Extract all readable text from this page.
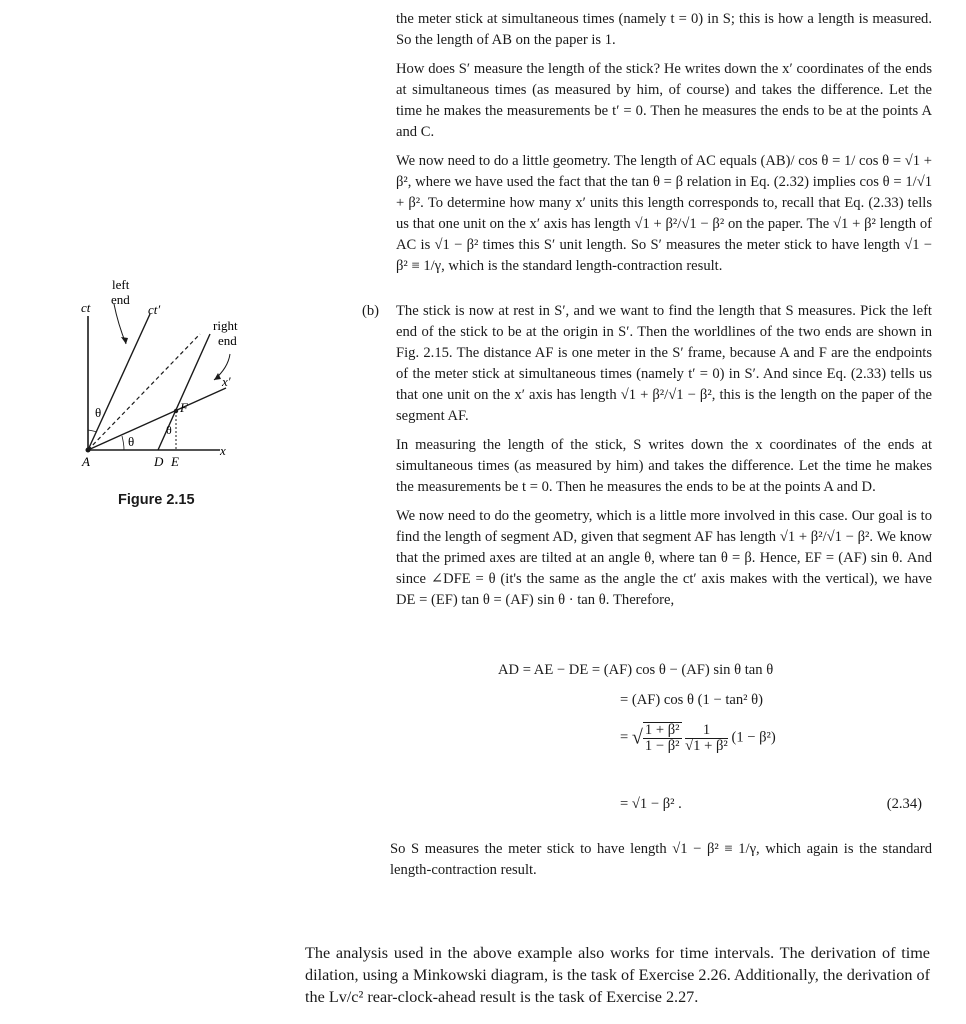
the meter stick at simultaneous times (namely t = 0) in S; this is how a length is measured. So the length of AB on the paper is 1.

How does S′ measure the length of the stick? He writes down the x′ coordinates of the ends at simultaneous times (as measured by him, of course) and takes the difference. Let the time he makes the measurements be t′ = 0. Then he measures the ends to be at the points A and C.

We now need to do a little geometry. The length of AC equals (AB)/ cos θ = 1/ cos θ = √1 + β², where we have used the fact that the tan θ = β relation in Eq. (2.32) implies cos θ = 1/√1 + β². To determine how many x′ units this length corresponds to, recall that Eq. (2.33) tells us that one unit on the x′ axis has length √1 + β²/√1 − β² on the paper. The √1 + β² length of AC is √1 − β² times this S′ unit length. So S′ measures the meter stick to have length √1 − β² ≡ 1/γ, which is the standard length-contraction result.

(b) The stick is now at rest in S′, and we want to find the length that S measures. Pick the left end of the stick to be at the origin in S′. Then the worldlines of the two ends are shown in Fig. 2.15. The distance AF is one meter in the S′ frame, because A and F are the endpoints of the meter stick at simultaneous times (namely t′ = 0) in S′. And since Eq. (2.33) tells us that one unit on the x′ axis has length √1 + β²/√1 − β², this is the length on the paper of the segment AF.

In measuring the length of the stick, S writes down the x coordinates of the ends at simultaneous times (as measured by him) and takes the difference. Let the time he makes the measurements be t = 0. Then he measures the ends to be at the points A and D.

We now need to do the geometry, which is a little more involved in this case. Our goal is to find the length of segment AD, given that segment AF has length √1 + β²/√1 − β². We know that the primed axes are tilted at an angle θ, where tan θ = β. Hence, EF = (AF) sin θ. And since ∠DFE = θ (it's the same as the angle the ct′ axis makes with the vertical), we have DE = (EF) tan θ = (AF) sin θ · tan θ. Therefore,

AD = AE − DE = (AF) cos θ − (AF) sin θ tan θ
= (AF) cos θ (1 − tan² θ)
= √ $\frac{\text{1 + β²}}{\text{1 − β²}}$
$\frac{1}{\text{√1 + β²}} (1 - \beta^2)$
= √1 − β² .	(2.34)

So S measures the meter stick to have length √1 − β² ≡ 1/γ, which again is the standard length-contraction result.

The analysis used in the above example also works for time intervals. The derivation of time dilation, using a Minkowski diagram, is the task of Exercise 2.26. Additionally, the derivation of the Lv/c² rear-clock-ahead result is the task of Exercise 2.27.
left
end
right
end
ct	ct′
x′
x
θ
θ
θ
A	D E
F
Figure 2.15
